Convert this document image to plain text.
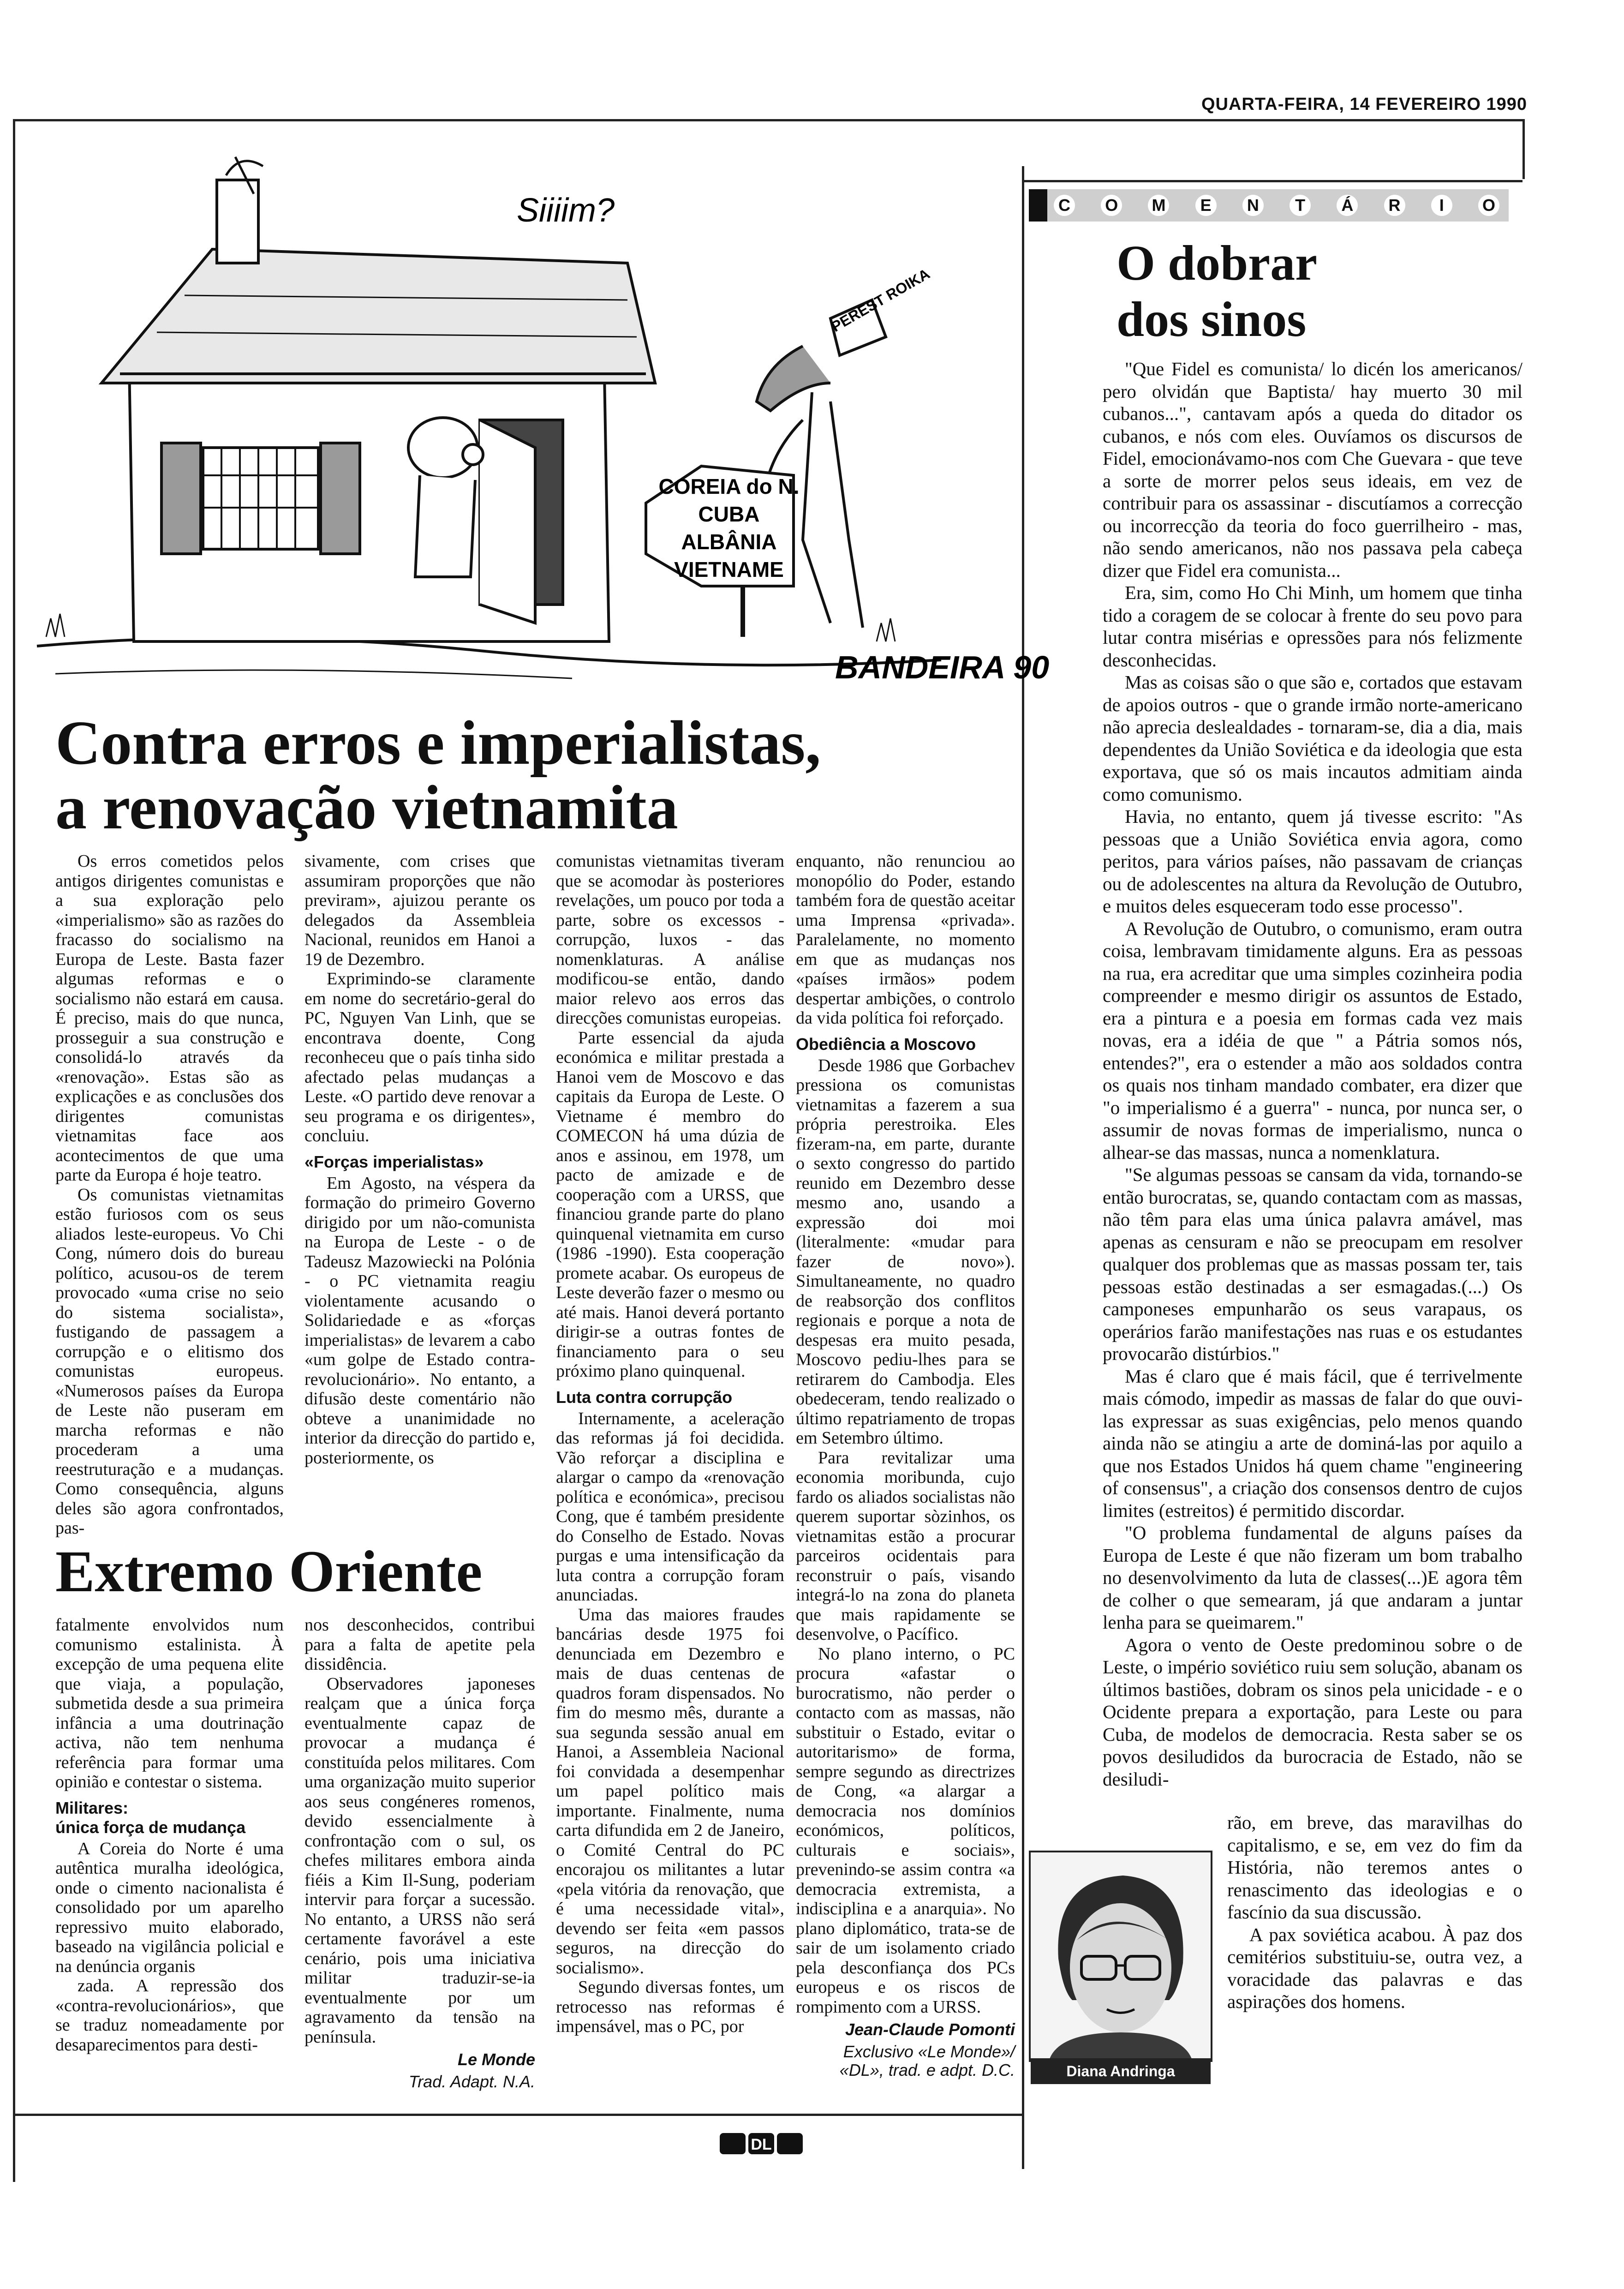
QUARTA-FEIRA, 14 FEVEREIRO 1990
Siiiim?
PEREST ROIKA
COREIA do N.
CUBA
ALBÂNIA
VIETNAME
BANDEIRA 90
Contra erros e imperialistas,
a renovação vietnamita

Os erros cometidos pelos antigos dirigentes comunistas e a sua exploração pelo «imperialismo» são as razões do fracasso do socialismo na Europa de Leste. Basta fazer algumas reformas e o socialismo não estará em causa. É preciso, mais do que nunca, prosseguir a sua construção e consolidá-lo através da «renovação». Estas são as explicações e as conclusões dos dirigentes comunistas vietnamitas face aos acontecimentos de que uma parte da Europa é hoje teatro.

Os comunistas vietnamitas estão furiosos com os seus aliados leste-europeus. Vo Chi Cong, número dois do bureau político, acusou-os de terem provocado «uma crise no seio do sistema socialista», fustigando de passagem a corrupção e o elitismo dos comunistas europeus. «Numerosos países da Europa de Leste não puseram em marcha reformas e não procederam a uma reestruturação e a mudanças. Como consequência, alguns deles são agora confrontados, pas-

sivamente, com crises que assumiram proporções que não previram», ajuizou perante os delegados da Assembleia Nacional, reunidos em Hanoi a 19 de Dezembro.

Exprimindo-se claramente em nome do secretário-geral do PC, Nguyen Van Linh, que se encontrava doente, Cong reconheceu que o país tinha sido afectado pelas mudanças a Leste. «O partido deve renovar a seu programa e os dirigentes», concluiu.

«Forças imperialistas»

Em Agosto, na véspera da formação do primeiro Governo dirigido por um não-comunista na Europa de Leste - o de Tadeusz Mazowiecki na Polónia - o PC vietnamita reagiu violentamente acusando o Solidariedade e as «forças imperialistas» de levarem a cabo «um golpe de Estado contra-revolucionário». No entanto, a difusão deste comentário não obteve a unanimidade no interior da direcção do partido e, posteriormente, os

comunistas vietnamitas tiveram que se acomodar às posteriores revelações, um pouco por toda a parte, sobre os excessos -corrupção, luxos - das nomenklaturas. A análise modificou-se então, dando maior relevo aos erros das direcções comunistas europeias.

Parte essencial da ajuda económica e militar prestada a Hanoi vem de Moscovo e das capitais da Europa de Leste. O Vietname é membro do COMECON há uma dúzia de anos e assinou, em 1978, um pacto de amizade e de cooperação com a URSS, que financiou grande parte do plano quinquenal vietnamita em curso (1986 -1990). Esta cooperação promete acabar. Os europeus de Leste deverão fazer o mesmo ou até mais. Hanoi deverá portanto dirigir-se a outras fontes de financiamento para o seu próximo plano quinquenal.

Luta contra corrupção

Internamente, a aceleração das reformas já foi decidida. Vão reforçar a disciplina e alargar o campo da «renovação política e económica», precisou Cong, que é também presidente do Conselho de Estado. Novas purgas e uma intensificação da luta contra a corrupção foram anunciadas.

Uma das maiores fraudes bancárias desde 1975 foi denunciada em Dezembro e mais de duas centenas de quadros foram dispensados. No fim do mesmo mês, durante a sua segunda sessão anual em Hanoi, a Assembleia Nacional foi convidada a desempenhar um papel político mais importante. Finalmente, numa carta difundida em 2 de Janeiro, o Comité Central do PC encorajou os militantes a lutar «pela vitória da renovação, que é uma necessidade vital», devendo ser feita «em passos seguros, na direcção do socialismo».

Segundo diversas fontes, um retrocesso nas reformas é impensável, mas o PC, por

enquanto, não renunciou ao monopólio do Poder, estando também fora de questão aceitar uma Imprensa «privada». Paralelamente, no momento em que as mudanças nos «países irmãos» podem despertar ambições, o controlo da vida política foi reforçado.

Obediência a Moscovo

Desde 1986 que Gorbachev pressiona os comunistas vietnamitas a fazerem a sua própria perestroika. Eles fizeram-na, em parte, durante o sexto congresso do partido reunido em Dezembro desse mesmo ano, usando a expressão doi moi (literalmente: «mudar para fazer de novo»). Simultaneamente, no quadro de reabsorção dos conflitos regionais e porque a nota de despesas era muito pesada, Moscovo pediu-lhes para se retirarem do Cambodja. Eles obedeceram, tendo realizado o último repatriamento de tropas em Setembro último.

Para revitalizar uma economia moribunda, cujo fardo os aliados socialistas não querem suportar sòzinhos, os vietnamitas estão a procurar parceiros ocidentais para reconstruir o país, visando integrá-lo na zona do planeta que mais rapidamente se desenvolve, o Pacífico.

No plano interno, o PC procura «afastar o burocratismo, não perder o contacto com as massas, não substituir o Estado, evitar o autoritarismo» de forma, sempre segundo as directrizes de Cong, «a alargar a democracia nos domínios económicos, políticos, culturais e sociais», prevenindo-se assim contra «a democracia extremista, a indisciplina e a anarquia». No plano diplomático, trata-se de sair de um isolamento criado pela desconfiança dos PCs europeus e os riscos de rompimento com a URSS.

Jean-Claude Pomonti
Exclusivo «Le Monde»/ «DL», trad. e adpt. D.C.
Extremo Oriente

fatalmente envolvidos num comunismo estalinista. À excepção de uma pequena elite que viaja, a população, submetida desde a sua primeira infância a uma doutrinação activa, não tem nenhuma referência para formar uma opinião e contestar o sistema.

Militares:
única força de mudança

A Coreia do Norte é uma autêntica muralha ideológica, onde o cimento nacionalista é consolidado por um aparelho repressivo muito elaborado, baseado na vigilância policial e na denúncia organis

zada. A repressão dos «contra-revolucionários», que se traduz nomeadamente por desaparecimentos para desti-

nos desconhecidos, contribui para a falta de apetite pela dissidência.

Observadores japoneses realçam que a única força eventualmente capaz de provocar a mudança é constituída pelos militares. Com uma organização muito superior aos seus congéneres romenos, devido essencialmente à confrontação com o sul, os chefes militares embora ainda fiéis a Kim Il-Sung, poderiam intervir para forçar a sucessão. No entanto, a URSS não será certamente favorável a este cenário, pois uma iniciativa militar traduzir-se-ia eventualmente por um agravamento da tensão na península.

Le Monde
Trad. Adapt. N.A.
C O M	E	N	T	Á R	I	O
O dobrar
dos sinos

"Que Fidel es comunista/ lo dicén los americanos/ pero olvidán que Baptista/ hay muerto 30 mil cubanos...", cantavam após a queda do ditador os cubanos, e nós com eles. Ouvíamos os discursos de Fidel, emocionávamo-nos com Che Guevara - que teve a sorte de morrer pelos seus ideais, em vez de contribuir para os assassinar - discutíamos a correcção ou incorrecção da teoria do foco guerrilheiro - mas, não sendo americanos, não nos passava pela cabeça dizer que Fidel era comunista...

Era, sim, como Ho Chi Minh, um homem que tinha tido a coragem de se colocar à frente do seu povo para lutar contra misérias e opressões para nós felizmente desconhecidas.

Mas as coisas são o que são e, cortados que estavam de apoios outros - que o grande irmão norte-americano não aprecia deslealdades - tornaram-se, dia a dia, mais dependentes da União Soviética e da ideologia que esta exportava, que só os mais incautos admitiam ainda como comunismo.

Havia, no entanto, quem já tivesse escrito: "As pessoas que a União Soviética envia agora, como peritos, para vários países, não passavam de crianças ou de adolescentes na altura da Revolução de Outubro, e muitos deles esqueceram todo esse processo".

A Revolução de Outubro, o comunismo, eram outra coisa, lembravam timidamente alguns. Era as pessoas na rua, era acreditar que uma simples cozinheira podia compreender e mesmo dirigir os assuntos de Estado, era a pintura e a poesia em formas cada vez mais novas, era a idéia de que " a Pátria somos nós, entendes?", era o estender a mão aos soldados contra os quais nos tinham mandado combater, era dizer que "o imperialismo é a guerra" - nunca, por nunca ser, o assumir de novas formas de imperialismo, nunca o alhear-se das massas, nunca a nomenklatura.

"Se algumas pessoas se cansam da vida, tornando-se então burocratas, se, quando contactam com as massas, não têm para elas uma única palavra amável, mas apenas as censuram e não se preocupam em resolver qualquer dos problemas que as massas possam ter, tais pessoas estão destinadas a ser esmagadas.(...) Os camponeses empunharão os seus varapaus, os operários farão manifestações nas ruas e os estudantes provocarão distúrbios."

Mas é claro que é mais fácil, que é terrivelmente mais cómodo, impedir as massas de falar do que ouvi-las expressar as suas exigências, pelo menos quando ainda não se atingiu a arte de dominá-las por aquilo a que nos Estados Unidos há quem chame "engineering of consensus", a criação dos consensos dentro de cujos limites (estreitos) é permitido discordar.

"O problema fundamental de alguns países da Europa de Leste é que não fizeram um bom trabalho no desenvolvimento da luta de classes(...)E agora têm de colher o que semearam, já que andaram a juntar lenha para se queimarem."

Agora o vento de Oeste predominou sobre o de Leste, o império soviético ruiu sem solução, abanam os últimos bastiões, dobram os sinos pela unicidade - e o Ocidente prepara a exportação, para Leste ou para Cuba, de modelos de democracia. Resta saber se os povos desiludidos da burocracia de Estado, não se desiludi-

rão, em breve, das maravilhas do capitalismo, e se, em vez do fim da História, não teremos antes o renascimento das ideologias e o fascínio da sua discussão.

A pax soviética acabou. À paz dos cemitérios substituiu-se, outra vez, a voracidade das palavras e das aspirações dos homens.

Diana Andringa
DL
